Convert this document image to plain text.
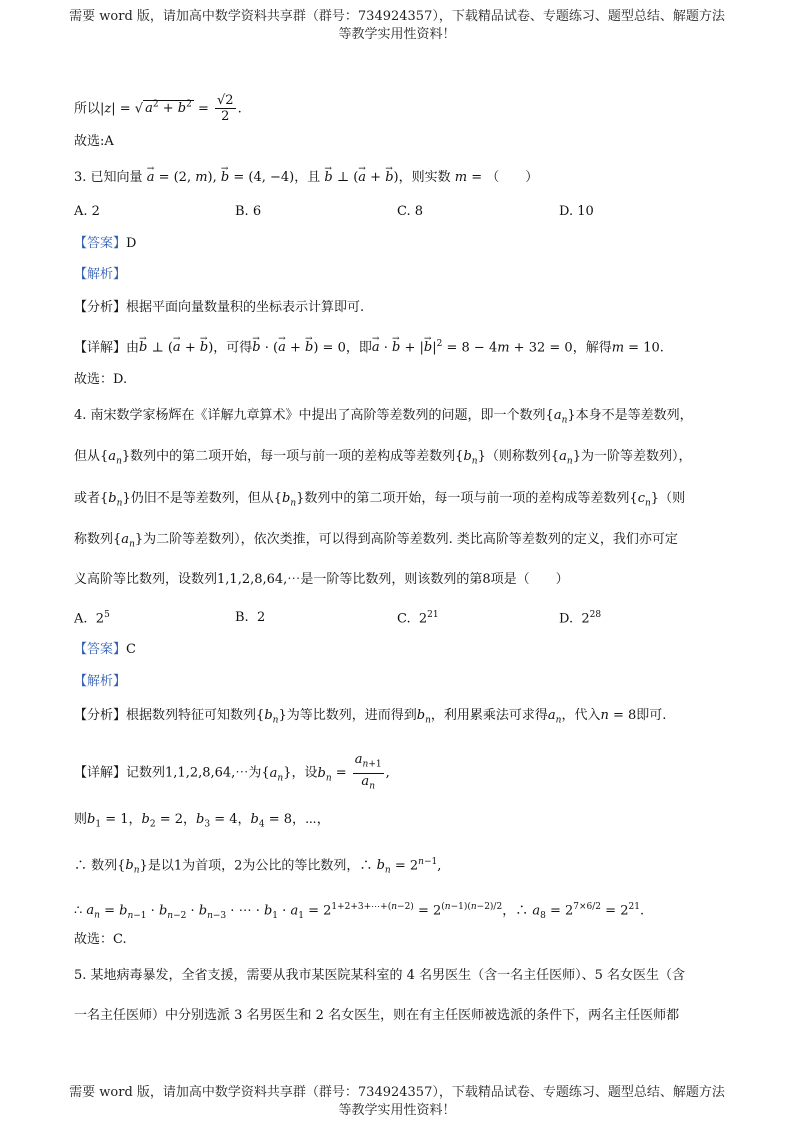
需要 word 版，请加高中数学资料共享群（群号：734924357），下载精品试卷、专题练习、题型总结、解题方法
等教学实用性资料！
所以|z| = √ $a^2 + b^2 = \frac{√2}{2}$ .
故选:A
3. 已知向量 → a = (2, m), → b = (4, −4)，且 → b ⊥ (→ a + → b)，则实数 m = （　　）
A. 2	B. 6	C. 8	D. 10
【答案】D
【解析】
【分析】根据平面向量数量积的坐标表示计算即可.
【详解】由→ b ⊥ (→ a + → b)，可得→ b · (→ a + → b) = 0，即→ a · → b + |→ $b|^2 = 8 - 4m + 32 = 0$，解得m = 10.
故选：D.
4. 南宋数学家杨辉在《详解九章算术》中提出了高阶等差数列的问题，即一个数列$\{a_n\}$本身不是等差数列，
但从$\{a_n\}$数列中的第二项开始，每一项与前一项的差构成等差数列$\{b_n\}$（则称数列$\{a_n\}$为一阶等差数列），
或者$\{b_n\}$仍旧不是等差数列，但从$\{b_n\}$数列中的第二项开始，每一项与前一项的差构成等差数列$\{c_n\}$（则
称数列$\{a_n\}$为二阶等差数列），依次类推，可以得到高阶等差数列. 类比高阶等差数列的定义，我们亦可定
义高阶等比数列，设数列1,1,2,8,64,⋯是一阶等比数列，则该数列的第8项是（　　）
A.  $2^5$	B.  2	C.  $2^{21}$	D.  $2^{28}$
【答案】C
【解析】
【分析】根据数列特征可知数列$\{b_n\}$为等比数列，进而得到$b_n$，利用累乘法可求得$a_n$，代入n = 8即可.
【详解】记数列1,1,2,8,64,⋯为$\{a_n\}$，设$b_n = \frac{a_{n+1}}{a_n}$ ,
则$b_1 = 1$，$b_2 = 2$，$b_3 = 4$，$b_4 = 8$，⋯，
∴ 数列$\{b_n\}$是以1为首项，2为公比的等比数列，∴ $b_n = 2^{n-1}$,
∴ $a_n = b_{n-1} \cdot b_{n-2} \cdot b_{n-3}$ · ⋯ · $b_1 \cdot a_1 = 2^{1+2+3+\cdots+(n-2)} = 2^{(n-1)(n-2)/2}$，∴ $a_8 = 2^{7\times 6/2} = 2^{21}$.
故选：C.
5. 某地病毒暴发，全省支援，需要从我市某医院某科室的 4 名男医生（含一名主任医师）、5 名女医生（含
一名主任医师）中分别选派 3 名男医生和 2 名女医生，则在有主任医师被选派的条件下，两名主任医师都
需要 word 版，请加高中数学资料共享群（群号：734924357），下载精品试卷、专题练习、题型总结、解题方法
等教学实用性资料！
